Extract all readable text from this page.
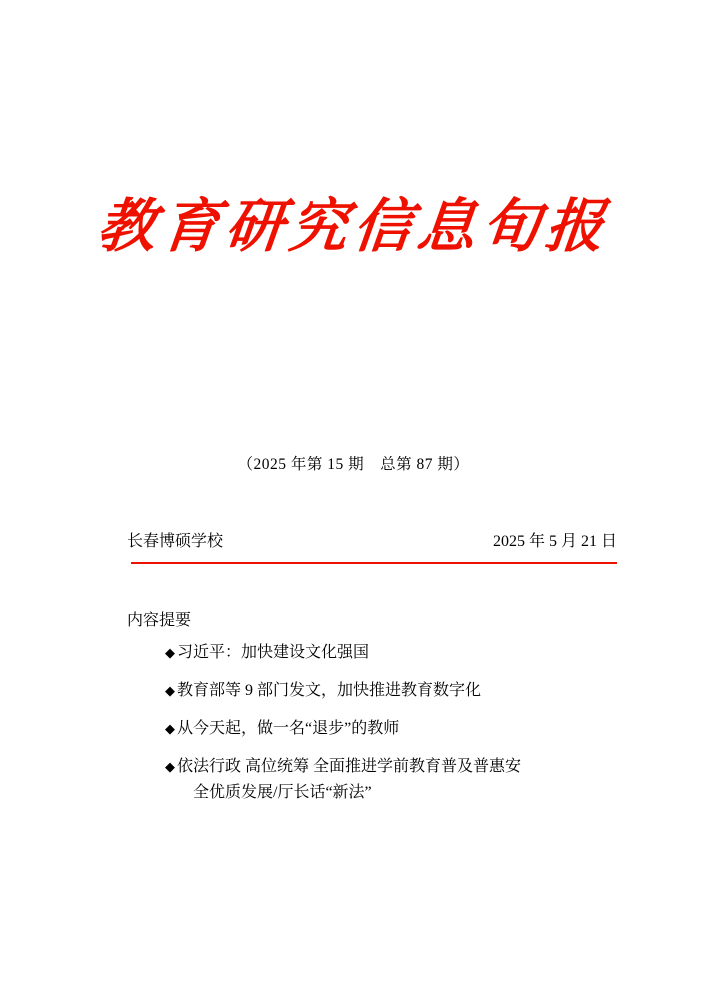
教育研究信息旬报
（2025 年第 15 期　总第 87 期）
长春博硕学校	2025 年 5 月 21 日
内容提要
◆ 习近平：加快建设文化强国
◆ 教育部等 9 部门发文，加快推进教育数字化
◆ 从今天起，做一名“退步”的教师
◆ 依法行政 高位统筹 全面推进学前教育普及普惠安
全优质发展/厅长话“新法”
